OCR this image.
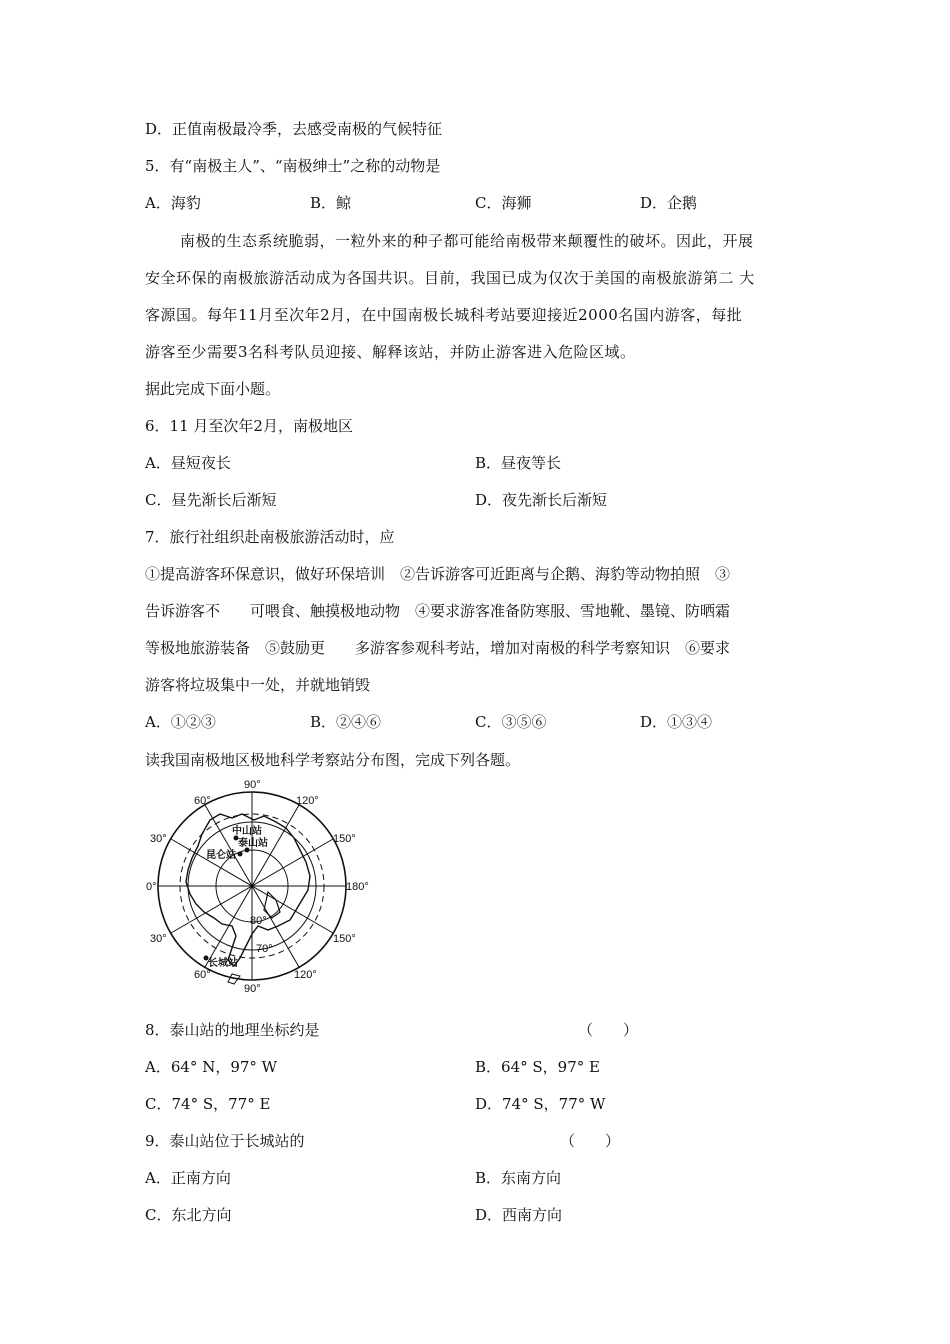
D．正值南极最冷季，去感受南极的气候特征
5．有“南极主人”、“南极绅士”之称的动物是
A．海豹	B．鲸	C．海狮	D．企鹅
南极的生态系统脆弱，一粒外来的种子都可能给南极带来颠覆性的破坏。因此，开展
安全环保的南极旅游活动成为各国共识。目前，我国已成为仅次于美国的南极旅游第二 大
客源国。每年11月至次年2月，在中国南极长城科考站要迎接近2000名国内游客，每批
游客至少需要3名科考队员迎接、解释该站，并防止游客进入危险区域。
据此完成下面小题。
6．11 月至次年2月，南极地区
A．昼短夜长	B．昼夜等长
C．昼先渐长后渐短	D．夜先渐长后渐短
7．旅行社组织赴南极旅游活动时，应
①提高游客环保意识，做好环保培训　②告诉游客可近距离与企鹅、海豹等动物拍照　③
告诉游客不　　可喂食、触摸极地动物　④要求游客准备防寒服、雪地靴、墨镜、防晒霜
等极地旅游装备　⑤鼓励更　　多游客参观科考站，增加对南极的科学考察知识　⑥要求
游客将垃圾集中一处，并就地销毁
A．①②③	B．②④⑥	C．③⑤⑥	D．①③④
读我国南极地区极地科学考察站分布图，完成下列各题。
60°
90°
120°
30°
0°
30°
150°
180°
150°
60°
90°
120°
80°
70°
中山站
泰山站
昆仑站
长城站
8．泰山站的地理坐标约是	（　　）
A．64° N，97° W	B．64° S，97° E
C．74° S，77° E	D．74° S，77° W
9．泰山站位于长城站的	（　　）
A．正南方向	B．东南方向
C．东北方向	D．西南方向
